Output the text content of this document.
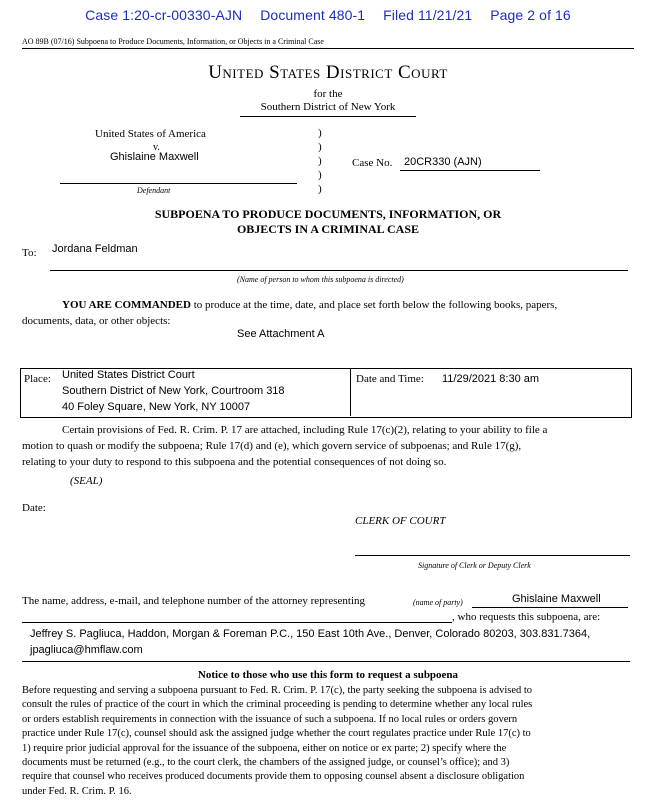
Case 1:20-cr-00330-AJN Document 480-1 Filed 11/21/21 Page 2 of 16
AO 89B (07/16) Subpoena to Produce Documents, Information, or Objects in a Criminal Case
United States District Court
for the
Southern District of New York
United States of America
v.
Ghislaine Maxwell
Defendant
)
)
)
)
)
Case No. 20CR330 (AJN)
SUBPOENA TO PRODUCE DOCUMENTS, INFORMATION, OR
OBJECTS IN A CRIMINAL CASE
To: Jordana Feldman
(Name of person to whom this subpoena is directed)
YOU ARE COMMANDED to produce at the time, date, and place set forth below the following books, papers,
documents, data, or other objects:
See Attachment A
Place: United States District Court
Southern District of New York, Courtroom 318
40 Foley Square, New York, NY 10007
Date and Time: 11/29/2021 8:30 am
Certain provisions of Fed. R. Crim. P. 17 are attached, including Rule 17(c)(2), relating to your ability to file a
motion to quash or modify the subpoena; Rule 17(d) and (e), which govern service of subpoenas; and Rule 17(g),
relating to your duty to respond to this subpoena and the potential consequences of not doing so.
(SEAL)
Date:
CLERK OF COURT
Signature of Clerk or Deputy Clerk
The name, address, e-mail, and telephone number of the attorney representing	(name of party)	Ghislaine Maxwell
, who requests this subpoena, are:
Jeffrey S. Pagliuca, Haddon, Morgan & Foreman P.C., 150 East 10th Ave., Denver, Colorado 80203, 303.831.7364,
jpagliuca@hmflaw.com
Notice to those who use this form to request a subpoena
Before requesting and serving a subpoena pursuant to Fed. R. Crim. P. 17(c), the party seeking the subpoena is advised to
consult the rules of practice of the court in which the criminal proceeding is pending to determine whether any local rules
or orders establish requirements in connection with the issuance of such a subpoena. If no local rules or orders govern
practice under Rule 17(c), counsel should ask the assigned judge whether the court regulates practice under Rule 17(c) to
1) require prior judicial approval for the issuance of the subpoena, either on notice or ex parte; 2) specify where the
documents must be returned (e.g., to the court clerk, the chambers of the assigned judge, or counsel’s office); and 3)
require that counsel who receives produced documents provide them to opposing counsel absent a disclosure obligation
under Fed. R. Crim. P. 16.
